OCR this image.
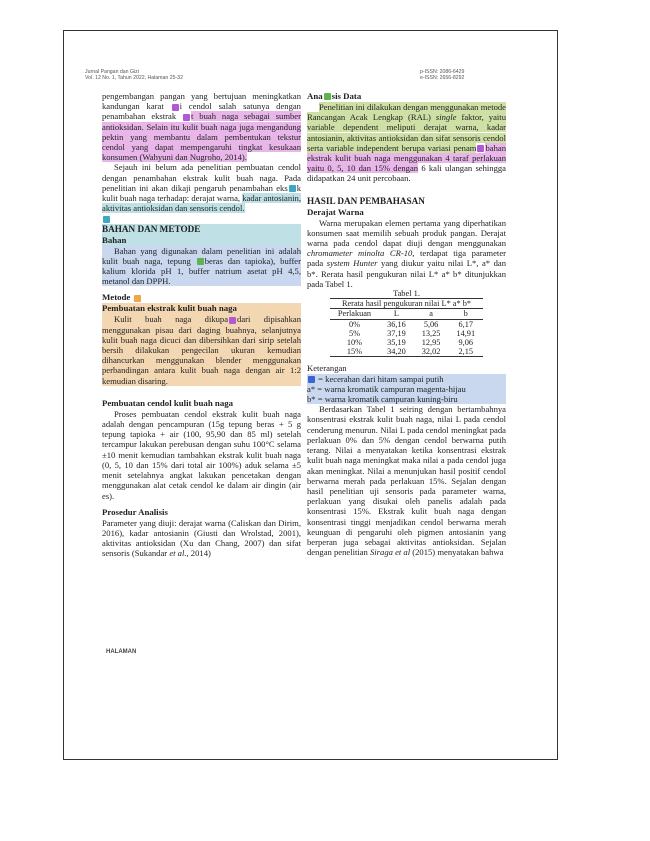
Jurnal Pangan dan Gizi
Vol. 12 No. 1, Tahun 2022, Halaman 25-32
p-ISSN: 2086-6429
e-ISSN: 2656-8292

pengembangan pangan yang bertujuan meningkatkan kandungan karat i cendol salah satunya dengan penambahan ekstrak t buah naga sebagai sumber antioksidan. Selain itu kulit buah naga juga mengandung pektin yang membantu dalam pembentukan tekstur cendol yang dapat mempengaruhi tingkat kesukaan konsumen (Wahyuni dan Nugroho, 2014).

Sejauh ini belum ada penelitian pembuatan cendol dengan penambahan ekstrak kulit buah naga. Pada penelitian ini akan dikaji pengaruh penambahan eks k kulit buah naga terhadap: derajat warna, kadar antosianin, aktivitas antioksidan dan sensoris cendol.

BAHAN DAN METODE
Bahan

Bahan yang digunakan dalam penelitian ini adalah kulit buah naga, tepung beras dan tapioka), buffer kalium klorida pH 1, buffer natrium asetat pH 4,5, metanol dan DPPH.

Metode
Pembuatan ekstrak kulit buah naga

Kulit buah naga dikupa dari dipisahkan menggunakan pisau dari daging buahnya, selanjutnya kulit buah naga dicuci dan dibersihkan dari sirip setelah bersih dilakukan pengecilan ukuran kemudian dihancurkan menggunakan blender menggunakan perbandingan antara kulit buah naga dengan air 1:2 kemudian disaring.

Pembuatan cendol kulit buah naga

Proses pembuatan cendol ekstrak kulit buah naga adalah dengan pencampuran (15g tepung beras + 5 g tepung tapioka + air (100, 95,90 dan 85 ml) setelah tercampur lakukan perebusan dengan suhu 100°C selama ±10 menit kemudian tambahkan ekstrak kulit buah naga (0, 5, 10 dan 15% dari total air 100%) aduk selama ±5 menit setelahnya angkat lakukan pencetakan dengan menggunakan alat cetak cendol ke dalam air dingin (air es).

Prosedur Analisis

Parameter yang diuji: derajat warna (Caliskan dan Dirim, 2016), kadar antosianin (Giusti dan Wrolstad, 2001), aktivitas antioksidan (Xu dan Chang, 2007) dan sifat sensoris (Sukandar et al., 2014)

Ana sis Data

Penelitian ini dilakukan dengan menggunakan metode Rancangan Acak Lengkap (RAL) single faktor, yaitu variable dependent meliputi derajat warna, kadar antosianin, aktivitas antioksidan dan sifat sensoris cendol serta variable independent berupa variasi penam bahan ekstrak kulit buah naga menggunakan 4 taraf perlakuan yaitu 0, 5, 10 dan 15% dengan 6 kali ulangan sehingga didapatkan 24 unit percobaan.

HASIL DAN PEMBAHASAN
Derajat Warna

Warna merupakan elemen pertama yang diperhatikan konsumen saat memilih sebuah produk pangan. Derajat warna pada cendol dapat diuji dengan menggunakan chromameter minolta CR-10, terdapat tiga parameter pada system Hunter yang diukur yaitu nilai L*, a* dan b*. Rerata hasil pengukuran nilai L* a* b* ditunjukkan pada Tabel 1.

Tabel 1.
Rerata hasil pengukuran nilai L* a* b*			
Perlakuan	L	a	b
0%	36,16	5,06	6,17
5%	37,19	13,25	14,91
10%	35,19	12,95	9,06
15%	34,20	32,02	2,15
Keterangan
= kecerahan dari hitam sampai putih
a* = warna kromatik campuran magenta-hijau
b* = warna kromatik campuran kuning-biru

Berdasarkan Tabel 1 seiring dengan bertambahnya konsentrasi ekstrak kulit buah naga, nilai L pada cendol cenderung menurun. Nilai L pada cendol meningkat pada perlakuan 0% dan 5% dengan cendol berwarna putih terang. Nilai a menyatakan ketika konsentrasi ekstrak kulit buah naga meningkat maka nilai a pada cendol juga akan meningkat. Nilai a menunjukan hasil positif cendol berwarna merah pada perlakuan 15%. Sejalan dengan hasil penelitian uji sensoris pada parameter warna, perlakuan yang disukai oleh panelis adalah pada konsentrasi 15%. Ekstrak kulit buah naga dengan konsentrasi tinggi menjadikan cendol berwarna merah keunguan di pengaruhi oleh pigmen antosianin yang berperan juga sebagai aktivitas antioksidan. Sejalan dengan penelitian Siraga et al (2015) menyatakan bahwa

HALAMAN
